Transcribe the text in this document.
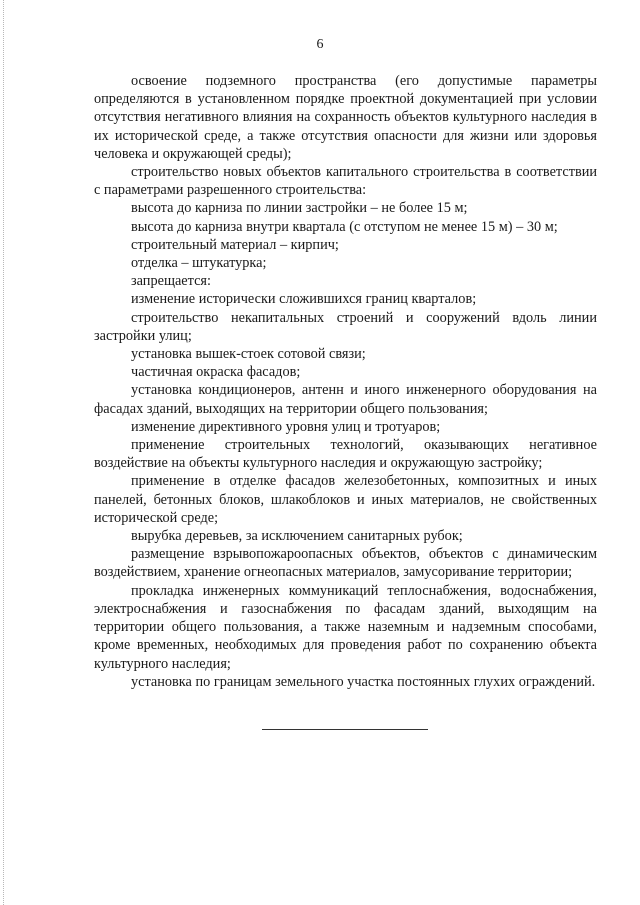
6

освоение подземного пространства (его допустимые параметры определяются в установленном порядке проектной документацией при условии отсутствия негативного влияния на сохранность объектов культурного наследия в их исторической среде, а также отсутствия опасности для жизни или здоровья человека и окружающей среды);

строительство новых объектов капитального строительства в соответствии с параметрами разрешенного строительства:

высота до карниза по линии застройки – не более 15 м;

высота до карниза внутри квартала (с отступом не менее 15 м) – 30 м;

строительный материал – кирпич;

отделка – штукатурка;

запрещается:

изменение исторически сложившихся границ кварталов;

строительство некапитальных строений и сооружений вдоль линии застройки улиц;

установка вышек-стоек сотовой связи;

частичная окраска фасадов;

установка кондиционеров, антенн и иного инженерного оборудования на фасадах зданий, выходящих на территории общего пользования;

изменение директивного уровня улиц и тротуаров;

применение строительных технологий, оказывающих негативное воздействие на объекты культурного наследия и окружающую застройку;

применение в отделке фасадов железобетонных, композитных и иных панелей, бетонных блоков, шлакоблоков и иных материалов, не свойственных исторической среде;

вырубка деревьев, за исключением санитарных рубок;

размещение взрывопожароопасных объектов, объектов с динамическим воздействием, хранение огнеопасных материалов, замусоривание территории;

прокладка инженерных коммуникаций теплоснабжения, водоснабжения, электроснабжения и газоснабжения по фасадам зданий, выходящим на территории общего пользования, а также наземным и надземным способами, кроме временных, необходимых для проведения работ по сохранению объекта культурного наследия;

установка по границам земельного участка постоянных глухих ограждений.
